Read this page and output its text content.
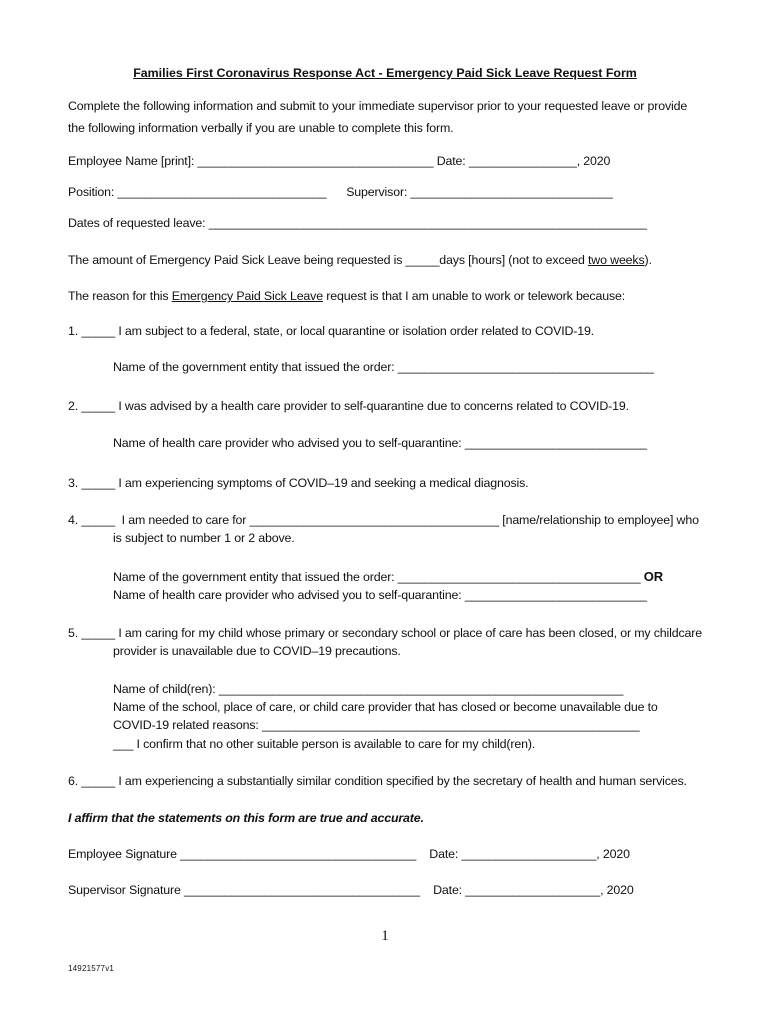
Families First Coronavirus Response Act - Emergency Paid Sick Leave Request Form
Complete the following information and submit to your immediate supervisor prior to your requested leave or provide
the following information verbally if you are unable to complete this form.
Employee Name [print]: ___________________________________ Date: ________________, 2020
Position: _______________________________      Supervisor: ______________________________
Dates of requested leave: _________________________________________________________________
The amount of Emergency Paid Sick Leave being requested is _____days [hours] (not to exceed two weeks).
The reason for this Emergency Paid Sick Leave request is that I am unable to work or telework because:
1. _____ I am subject to a federal, state, or local quarantine or isolation order related to COVID-19.
Name of the government entity that issued the order: ______________________________________
2. _____ I was advised by a health care provider to self-quarantine due to concerns related to COVID-19.
Name of health care provider who advised you to self-quarantine: ___________________________
3. _____ I am experiencing symptoms of COVID–19 and seeking a medical diagnosis.
4. _____  I am needed to care for _____________________________________ [name/relationship to employee] who
is subject to number 1 or 2 above.
Name of the government entity that issued the order: ____________________________________ OR
Name of health care provider who advised you to self-quarantine: ___________________________
5. _____ I am caring for my child whose primary or secondary school or place of care has been closed, or my childcare
provider is unavailable due to COVID–19 precautions.
Name of child(ren): ____________________________________________________________
Name of the school, place of care, or child care provider that has closed or become unavailable due to
COVID-19 related reasons: ________________________________________________________
___ I confirm that no other suitable person is available to care for my child(ren).
6. _____ I am experiencing a substantially similar condition specified by the secretary of health and human services.
I affirm that the statements on this form are true and accurate.
Employee Signature ___________________________________    Date: ____________________, 2020
Supervisor Signature ___________________________________    Date: ____________________, 2020
1
14921577v1
